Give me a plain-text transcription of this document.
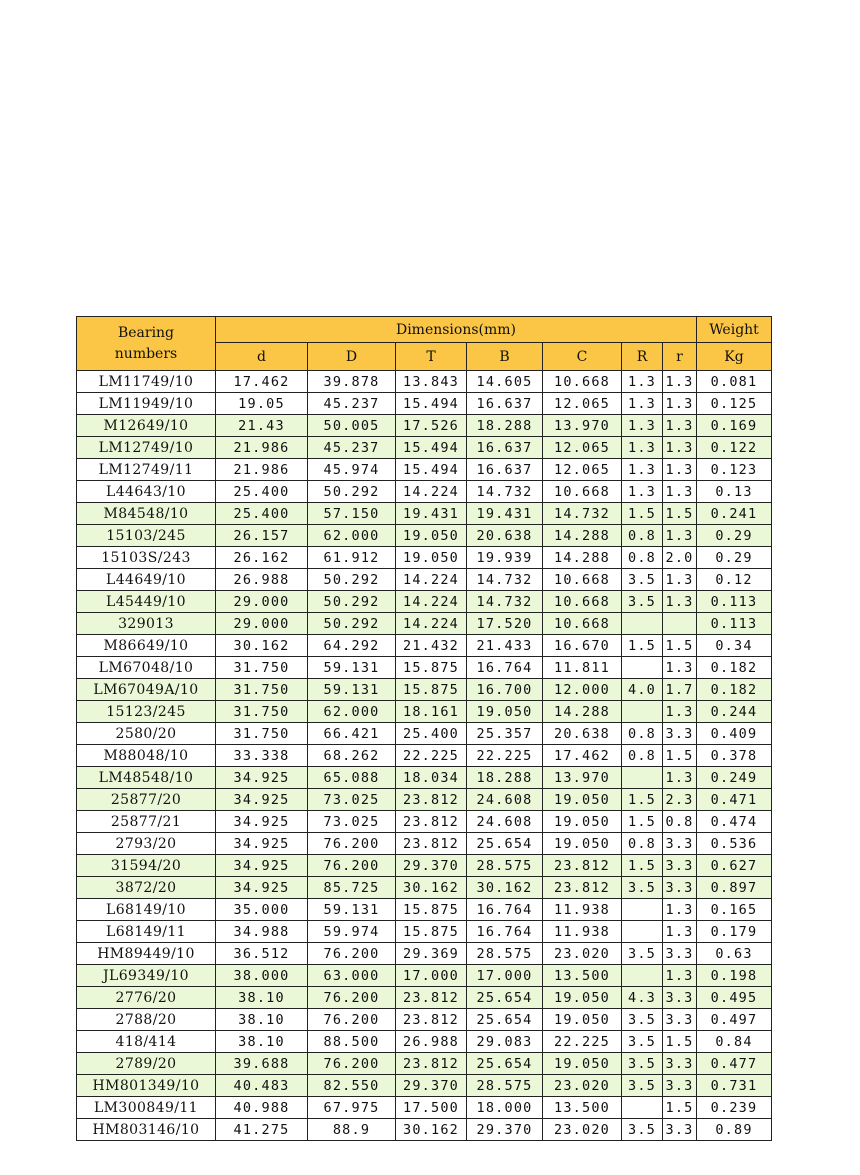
Bearing
numbers	Dimensions(mm)							Weight
	d	D	T	B	C	R	r	Kg
LM11749/10	17.462	39.878	13.843	14.605	10.668	1.3	1.3	0.081
LM11949/10	19.05	45.237	15.494	16.637	12.065	1.3	1.3	0.125
M12649/10	21.43	50.005	17.526	18.288	13.970	1.3	1.3	0.169
LM12749/10	21.986	45.237	15.494	16.637	12.065	1.3	1.3	0.122
LM12749/11	21.986	45.974	15.494	16.637	12.065	1.3	1.3	0.123
L44643/10	25.400	50.292	14.224	14.732	10.668	1.3	1.3	0.13
M84548/10	25.400	57.150	19.431	19.431	14.732	1.5	1.5	0.241
15103/245	26.157	62.000	19.050	20.638	14.288	0.8	1.3	0.29
15103S/243	26.162	61.912	19.050	19.939	14.288	0.8	2.0	0.29
L44649/10	26.988	50.292	14.224	14.732	10.668	3.5	1.3	0.12
L45449/10	29.000	50.292	14.224	14.732	10.668	3.5	1.3	0.113
329013	29.000	50.292	14.224	17.520	10.668			0.113
M86649/10	30.162	64.292	21.432	21.433	16.670	1.5	1.5	0.34
LM67048/10	31.750	59.131	15.875	16.764	11.811		1.3	0.182
LM67049A/10	31.750	59.131	15.875	16.700	12.000	4.0	1.7	0.182
15123/245	31.750	62.000	18.161	19.050	14.288		1.3	0.244
2580/20	31.750	66.421	25.400	25.357	20.638	0.8	3.3	0.409
M88048/10	33.338	68.262	22.225	22.225	17.462	0.8	1.5	0.378
LM48548/10	34.925	65.088	18.034	18.288	13.970		1.3	0.249
25877/20	34.925	73.025	23.812	24.608	19.050	1.5	2.3	0.471
25877/21	34.925	73.025	23.812	24.608	19.050	1.5	0.8	0.474
2793/20	34.925	76.200	23.812	25.654	19.050	0.8	3.3	0.536
31594/20	34.925	76.200	29.370	28.575	23.812	1.5	3.3	0.627
3872/20	34.925	85.725	30.162	30.162	23.812	3.5	3.3	0.897
L68149/10	35.000	59.131	15.875	16.764	11.938		1.3	0.165
L68149/11	34.988	59.974	15.875	16.764	11.938		1.3	0.179
HM89449/10	36.512	76.200	29.369	28.575	23.020	3.5	3.3	0.63
JL69349/10	38.000	63.000	17.000	17.000	13.500		1.3	0.198
2776/20	38.10	76.200	23.812	25.654	19.050	4.3	3.3	0.495
2788/20	38.10	76.200	23.812	25.654	19.050	3.5	3.3	0.497
418/414	38.10	88.500	26.988	29.083	22.225	3.5	1.5	0.84
2789/20	39.688	76.200	23.812	25.654	19.050	3.5	3.3	0.477
HM801349/10	40.483	82.550	29.370	28.575	23.020	3.5	3.3	0.731
LM300849/11	40.988	67.975	17.500	18.000	13.500		1.5	0.239
HM803146/10	41.275	88.9	30.162	29.370	23.020	3.5	3.3	0.89
